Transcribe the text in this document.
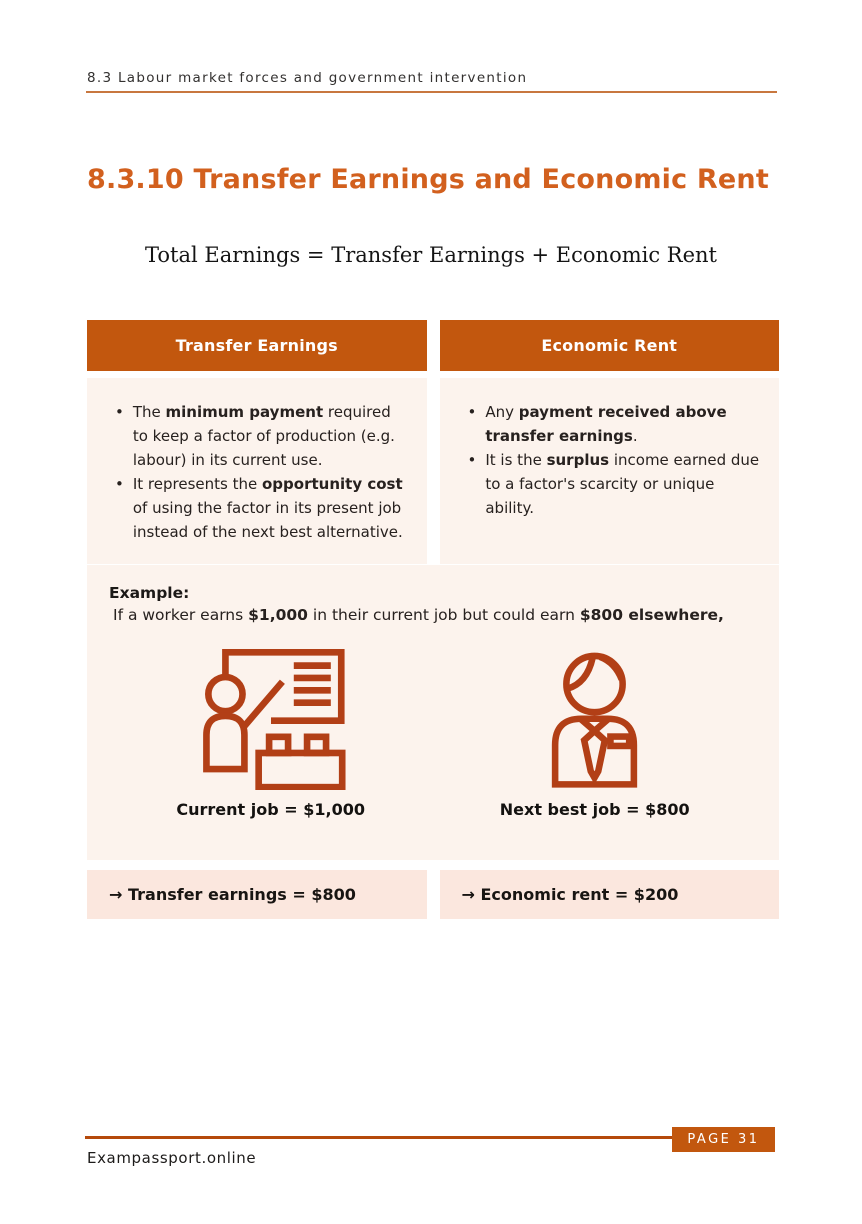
8.3 Labour market forces and government intervention
8.3.10 Transfer Earnings and Economic Rent
Total Earnings = Transfer Earnings + Economic Rent
Transfer Earnings	Economic Rent
• The minimum payment required to keep a factor of production (e.g. labour) in its current use.
• It represents the opportunity cost of using the factor in its present job instead of the next best alternative.
• Any payment received above transfer earnings.
• It is the surplus income earned due to a factor's scarcity or unique ability.
Example:
If a worker earns $1,000 in their current job but could earn $800 elsewhere,
Current job = $1,000	Next best job = $800
→ Transfer earnings = $800	→ Economic rent = $200
PAGE 31
Exampassport.online
